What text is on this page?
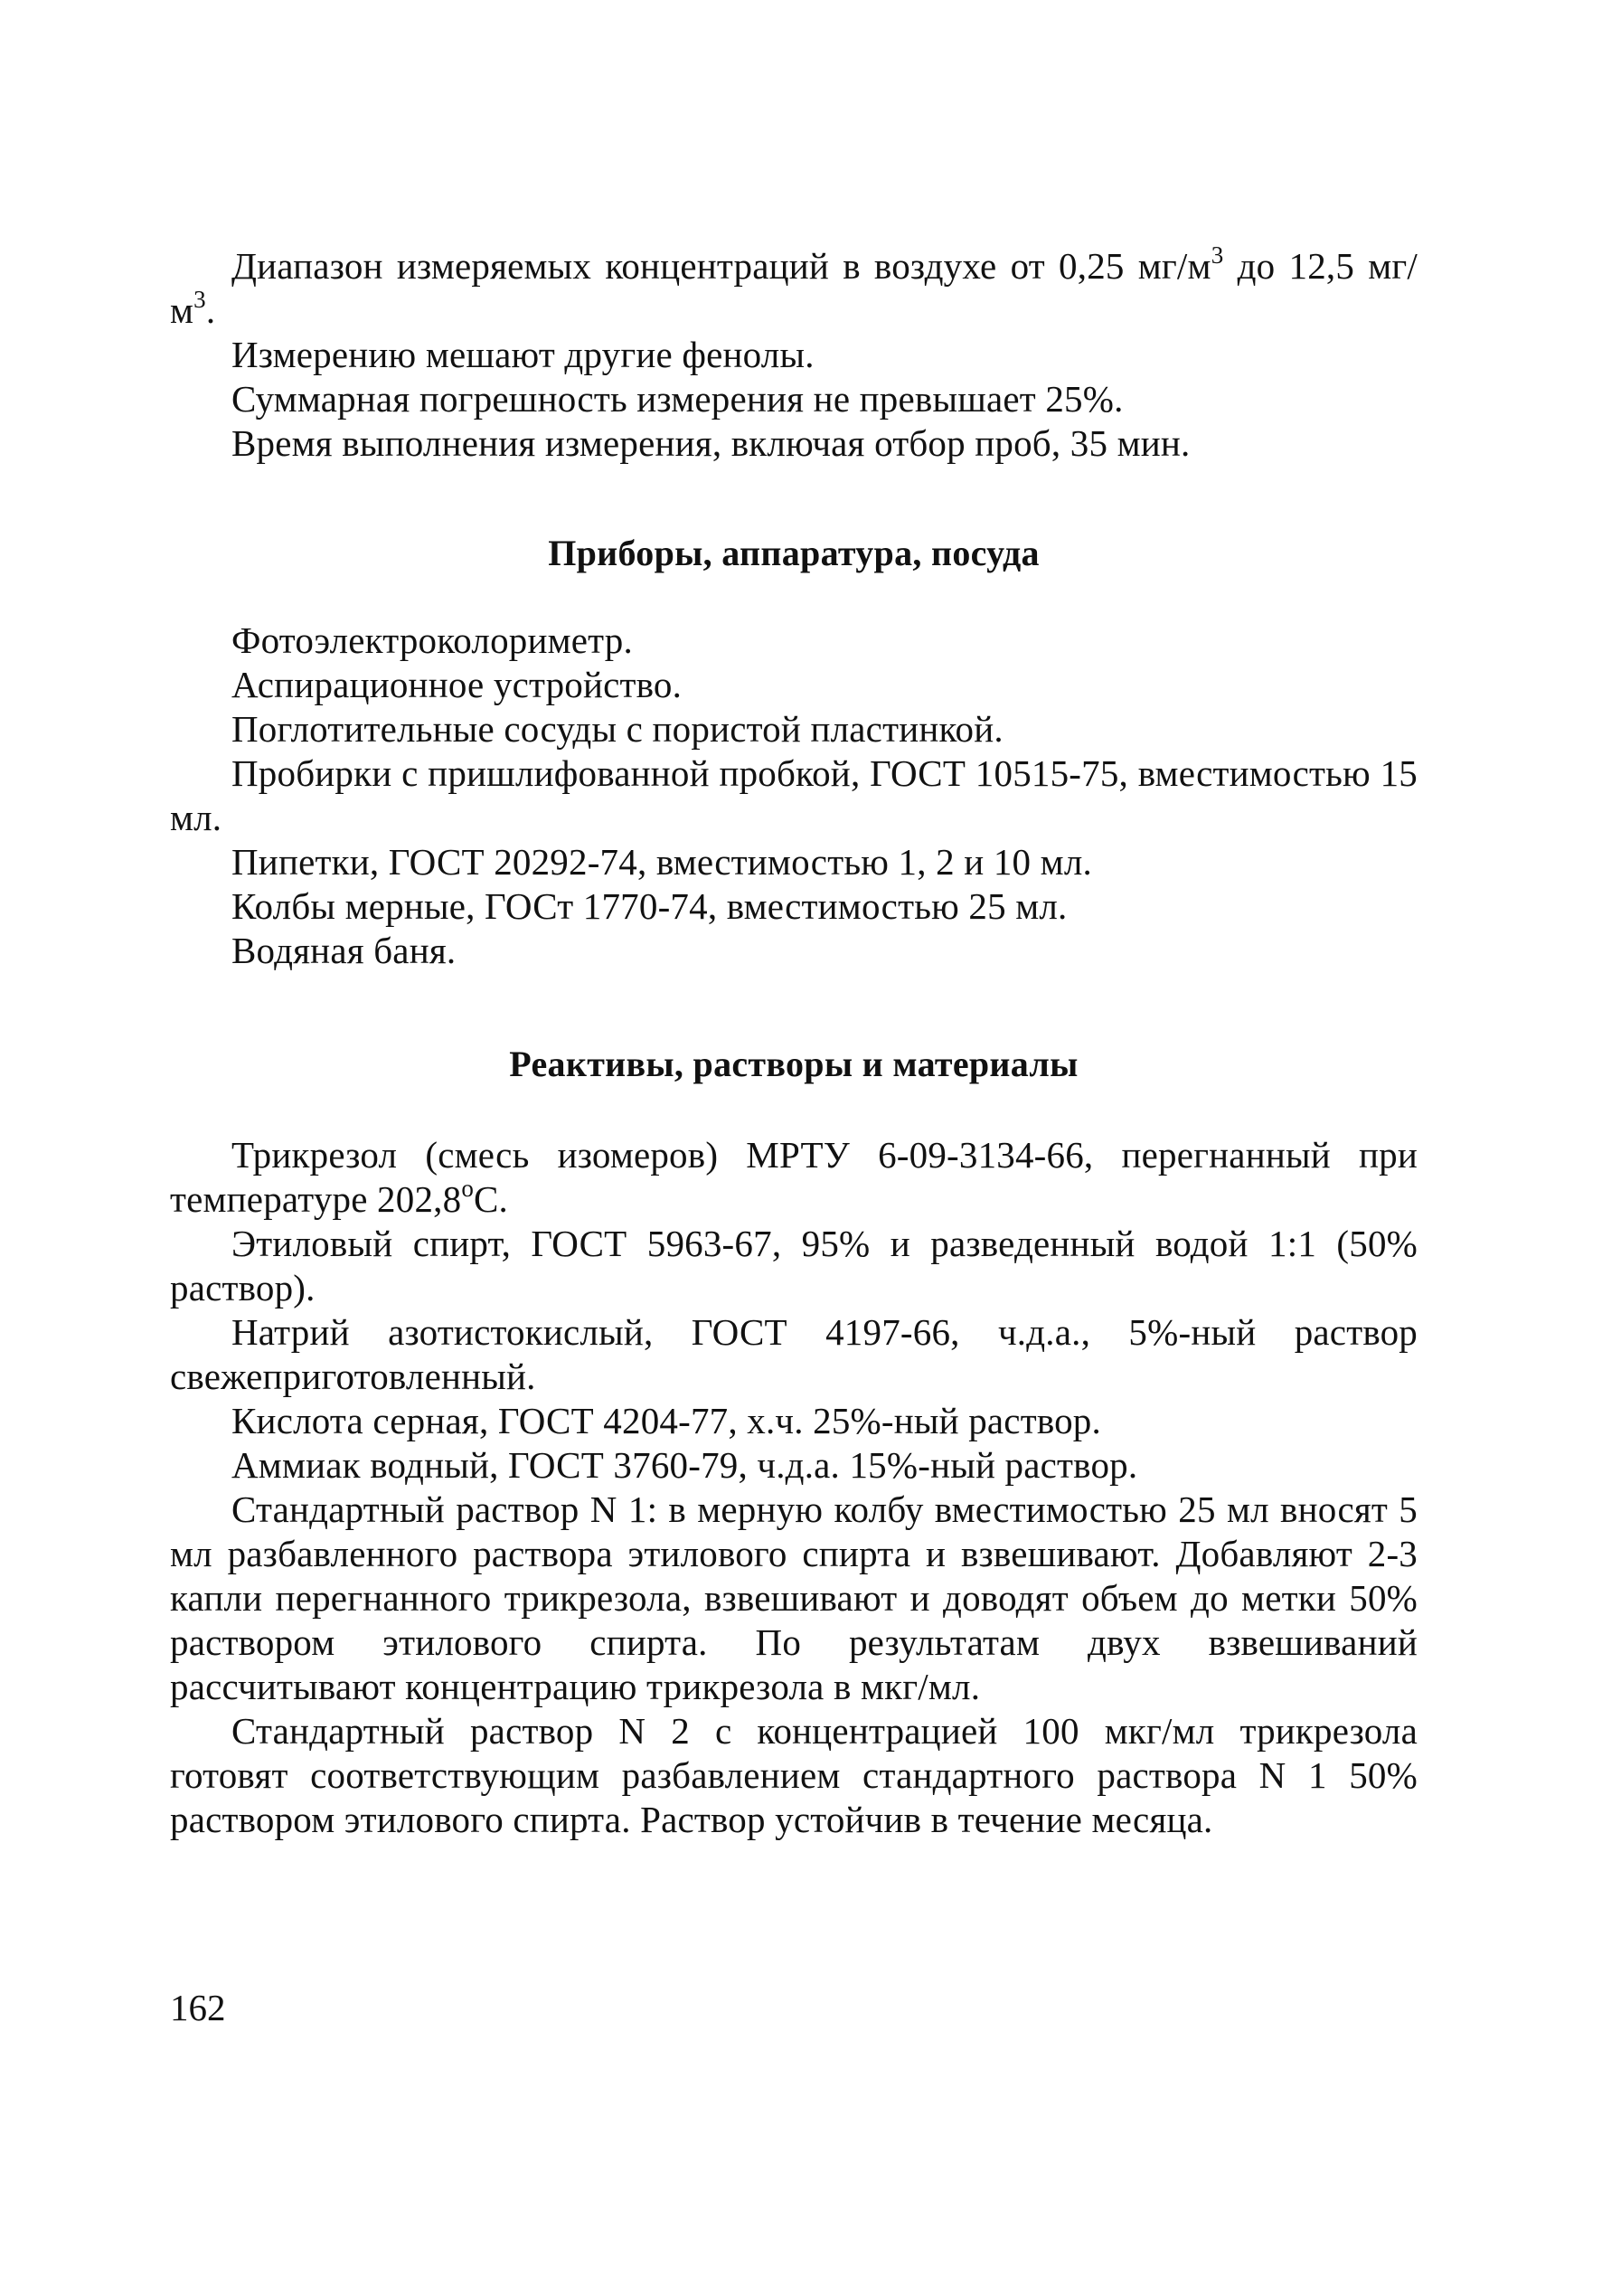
Диапазон измеряемых концентраций в воздухе от 0,25 $мг/м^3$ до 12,5 $мг/м^3$.

Измерению мешают другие фенолы.

Суммарная погрешность измерения не превышает 25%.

Время выполнения измерения, включая отбор проб, 35 мин.

Приборы, аппаратура, посуда

Фотоэлектроколориметр.

Аспирационное устройство.

Поглотительные сосуды с пористой пластинкой.

Пробирки с пришлифованной пробкой, ГОСТ 10515-75, вместимостью 15 мл.

Пипетки, ГОСТ 20292-74, вместимостью 1, 2 и 10 мл.

Колбы мерные, ГОСт 1770-74, вместимостью 25 мл.

Водяная баня.

Реактивы, растворы и материалы

Трикрезол (смесь изомеров) МРТУ 6-09-3134-66, перегнанный при температуре $202,8^оС$.

Этиловый спирт, ГОСТ 5963-67, 95% и разведенный водой 1:1 (50% раствор).

Натрий азотистокислый, ГОСТ 4197-66, ч.д.а., 5%-ный раствор свежеприготовленный.

Кислота серная, ГОСТ 4204-77, х.ч. 25%-ный раствор.

Аммиак водный, ГОСТ 3760-79, ч.д.а. 15%-ный раствор.

Стандартный раствор N 1: в мерную колбу вместимостью 25 мл вносят 5 мл разбавленного раствора этилового спирта и взвешивают. Добавляют 2-3 капли перегнанного трикрезола, взвешивают и доводят объем до метки 50% раствором этилового спирта. По результатам двух взвешиваний рассчитывают концентрацию трикрезола в мкг/мл.

Стандартный раствор N 2 с концентрацией 100 мкг/мл трикрезола готовят соответствующим разбавлением стандартного раствора N 1 50% раствором этилового спирта. Раствор устойчив в течение месяца.

162
